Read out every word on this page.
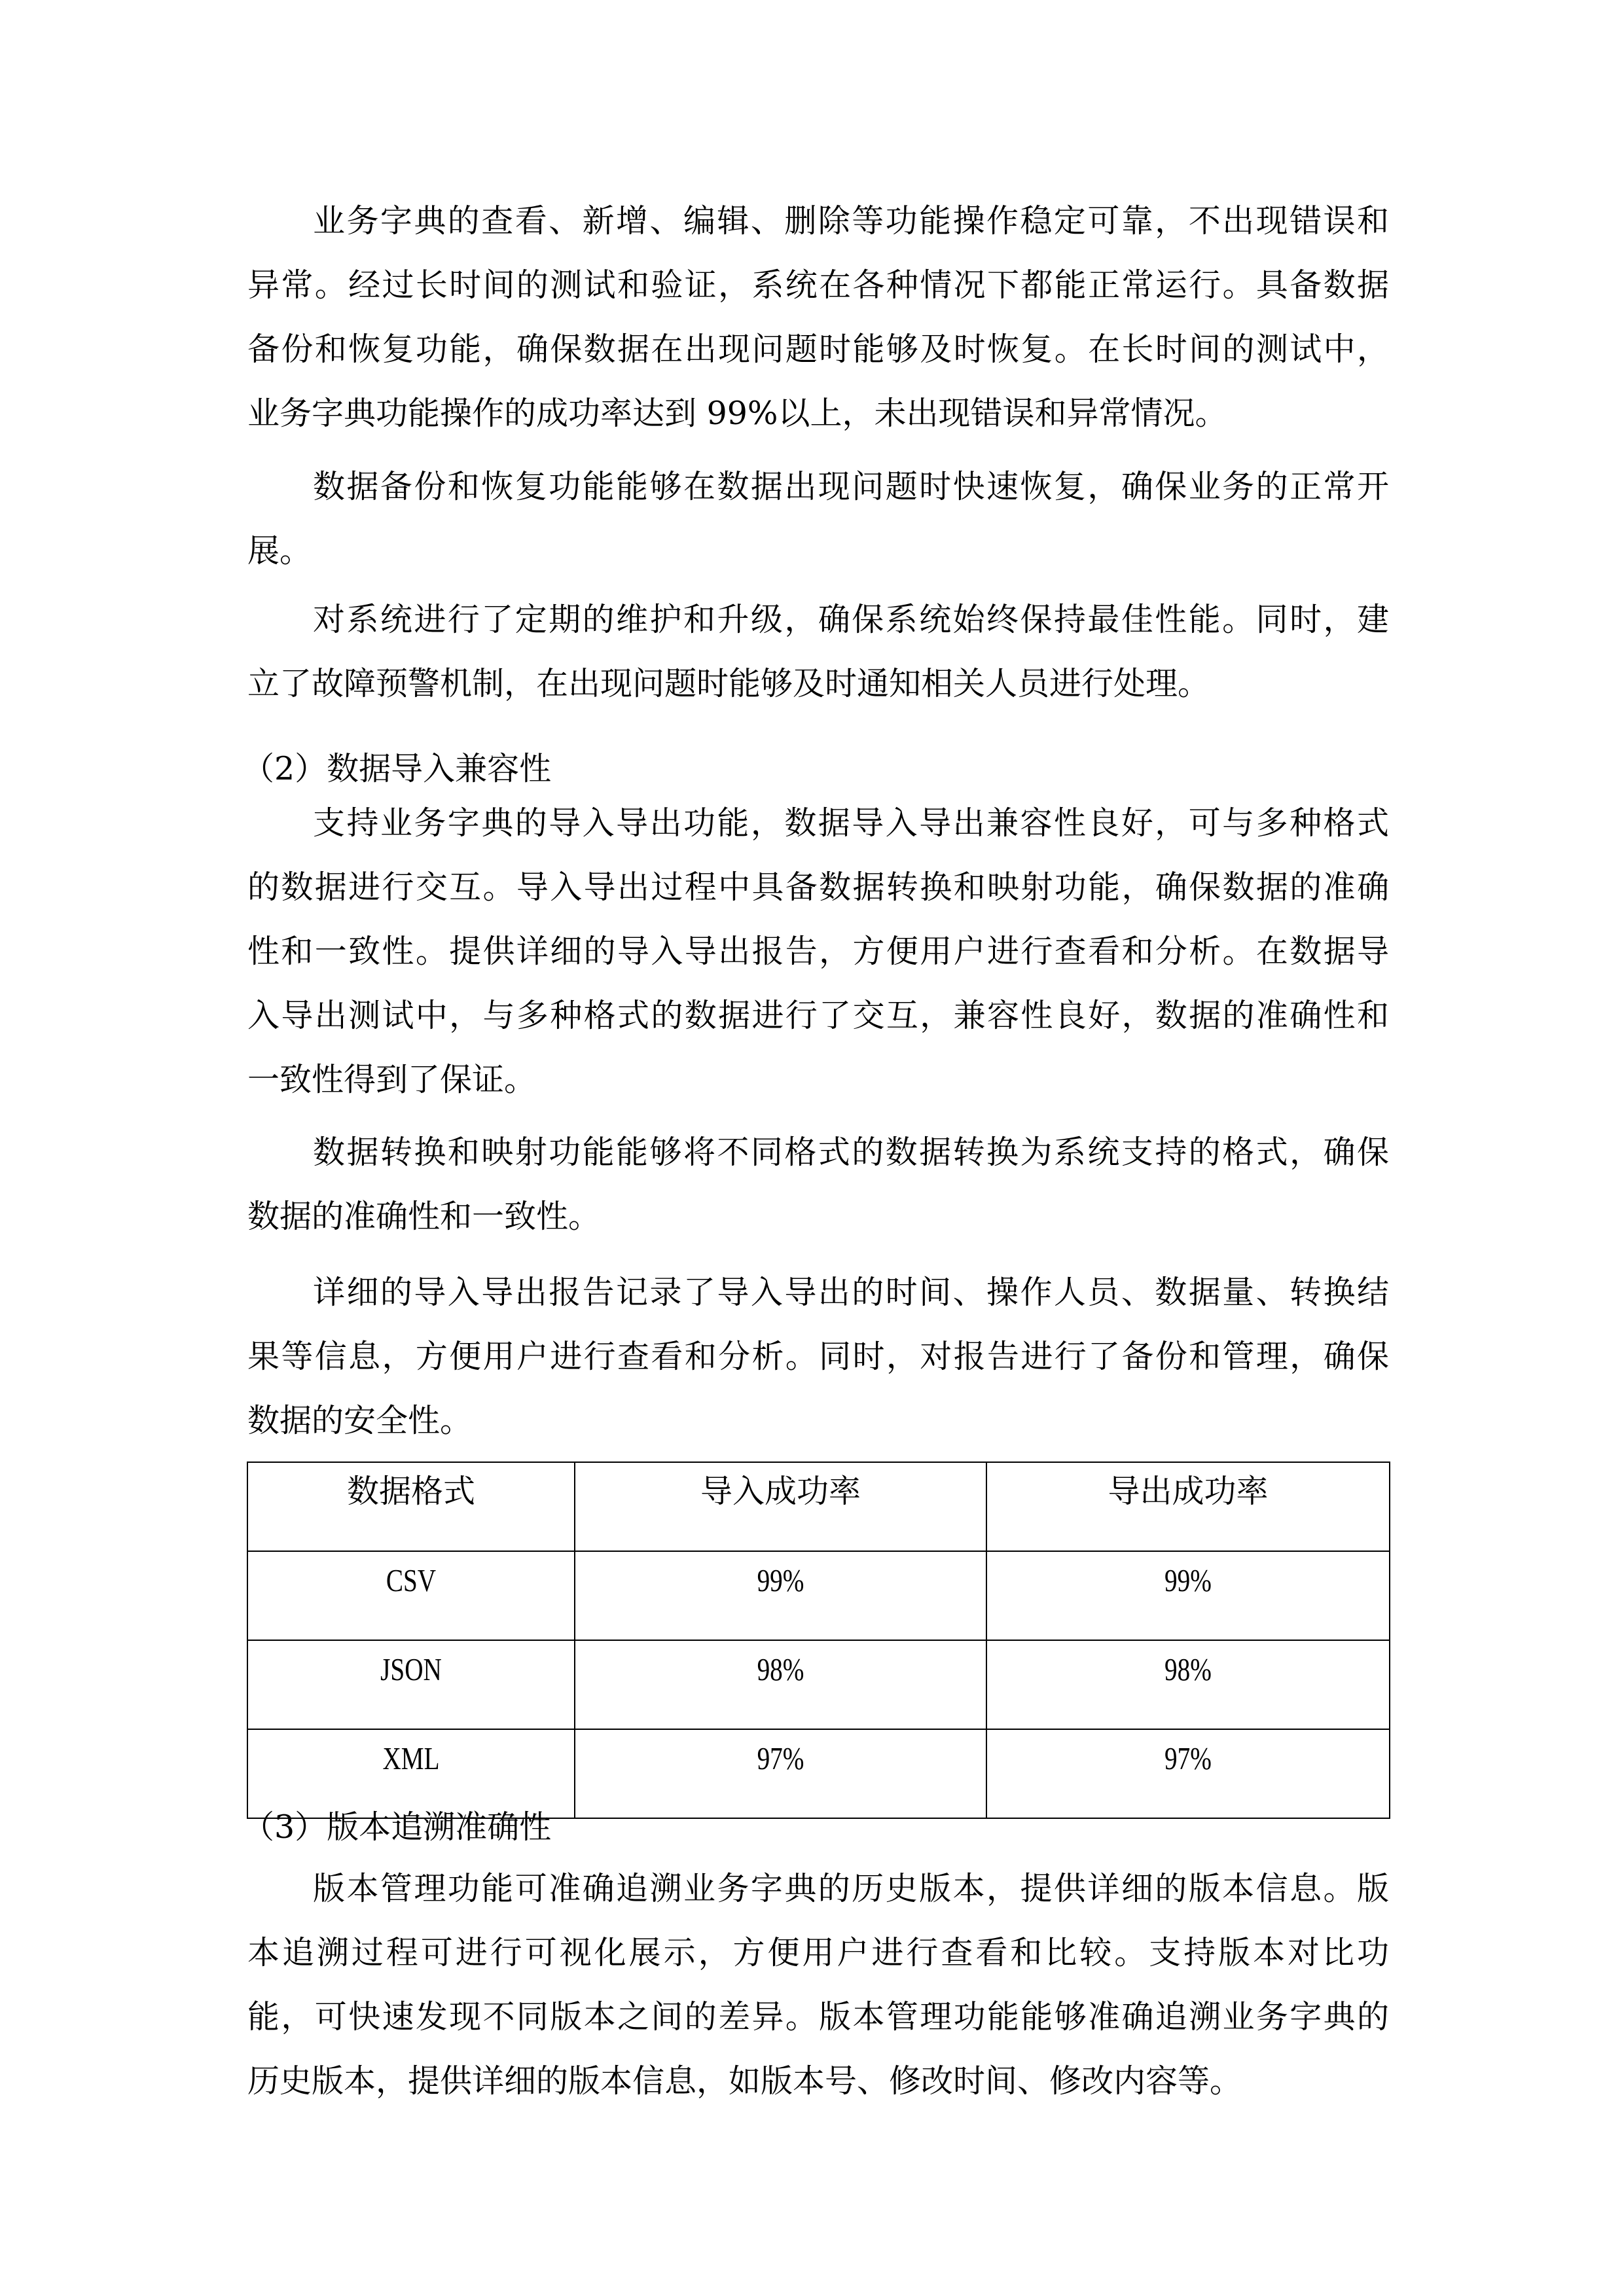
业务字典的查看、新增、编辑、删除等功能操作稳定可靠，不出现错误和
异常。经过长时间的测试和验证，系统在各种情况下都能正常运行。具备数据
备份和恢复功能，确保数据在出现问题时能够及时恢复。在长时间的测试中，
业务字典功能操作的成功率达到 99%以上，未出现错误和异常情况。
数据备份和恢复功能能够在数据出现问题时快速恢复，确保业务的正常开
展。
对系统进行了定期的维护和升级，确保系统始终保持最佳性能。同时，建
立了故障预警机制，在出现问题时能够及时通知相关人员进行处理。
（2）数据导入兼容性
支持业务字典的导入导出功能，数据导入导出兼容性良好，可与多种格式
的数据进行交互。导入导出过程中具备数据转换和映射功能，确保数据的准确
性和一致性。提供详细的导入导出报告，方便用户进行查看和分析。在数据导
入导出测试中，与多种格式的数据进行了交互，兼容性良好，数据的准确性和
一致性得到了保证。
数据转换和映射功能能够将不同格式的数据转换为系统支持的格式，确保
数据的准确性和一致性。
详细的导入导出报告记录了导入导出的时间、操作人员、数据量、转换结
果等信息，方便用户进行查看和分析。同时，对报告进行了备份和管理，确保
数据的安全性。
数据格式	导入成功率	导出成功率
CSV	99%	99%
JSON	98%	98%
XML	97%	97%
（3）版本追溯准确性
版本管理功能可准确追溯业务字典的历史版本，提供详细的版本信息。版
本追溯过程可进行可视化展示，方便用户进行查看和比较。支持版本对比功
能，可快速发现不同版本之间的差异。版本管理功能能够准确追溯业务字典的
历史版本，提供详细的版本信息，如版本号、修改时间、修改内容等。
